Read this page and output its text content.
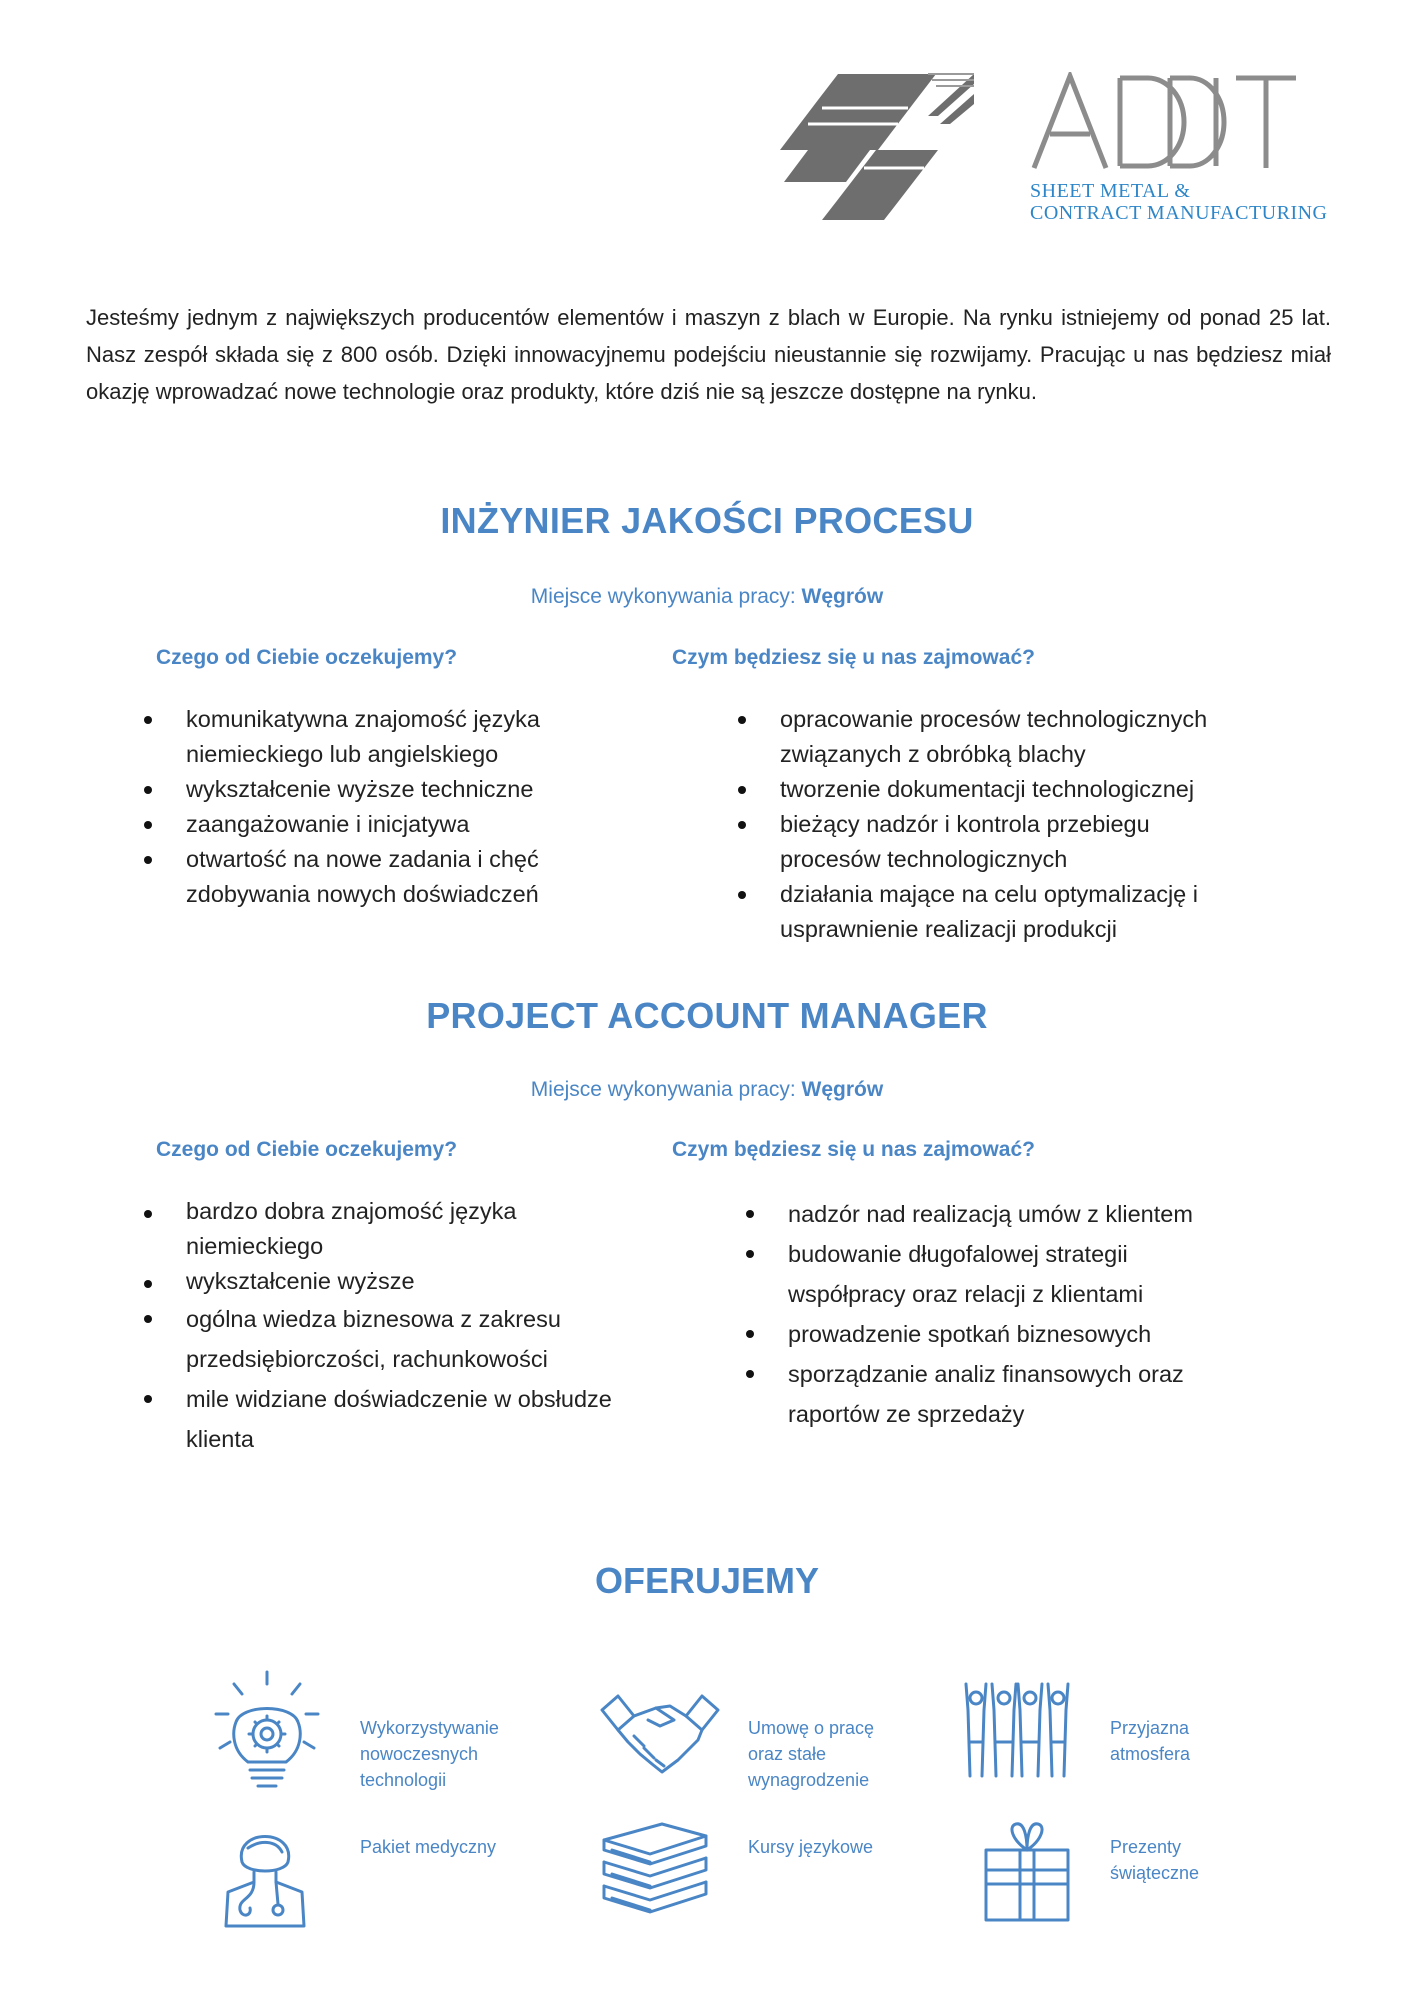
SHEET METAL &
CONTRACT MANUFACTURING

Jesteśmy jednym z największych producentów elementów i maszyn z blach w Europie. Na rynku istniejemy od ponad 25 lat. Nasz zespół składa się z 800 osób. Dzięki innowacyjnemu podejściu nieustannie się rozwijamy. Pracując u nas będziesz miał okazję wprowadzać nowe technologie oraz produkty, które dziś nie są jeszcze dostępne na rynku.

INŻYNIER JAKOŚCI PROCESU
Miejsce wykonywania pracy: Węgrów
Czego od Ciebie oczekujemy?	Czym będziesz się u nas zajmować?
komunikatywna znajomość języka
niemieckiego lub angielskiego
wykształcenie wyższe techniczne
zaangażowanie i inicjatywa
otwartość na nowe zadania i chęć
zdobywania nowych doświadczeń
opracowanie procesów technologicznych
związanych z obróbką blachy
tworzenie dokumentacji technologicznej
bieżący nadzór i kontrola przebiegu
procesów technologicznych
działania mające na celu optymalizację i
usprawnienie realizacji produkcji
PROJECT ACCOUNT MANAGER
Miejsce wykonywania pracy: Węgrów
Czego od Ciebie oczekujemy?	Czym będziesz się u nas zajmować?
bardzo dobra znajomość języka
niemieckiego
wykształcenie wyższe
ogólna wiedza biznesowa z zakresu
przedsiębiorczości, rachunkowości
mile widziane doświadczenie w obsłudze
klienta
nadzór nad realizacją umów z klientem
budowanie długofalowej strategii
współpracy oraz relacji z klientami
prowadzenie spotkań biznesowych
sporządzanie analiz finansowych oraz
raportów ze sprzedaży
OFERUJEMY
Wykorzystywanie
nowoczesnych
technologii
Umowę o pracę
oraz stałe
wynagrodzenie
Przyjazna
atmosfera
Pakiet medyczny	Kursy językowe	Prezenty
świąteczne
